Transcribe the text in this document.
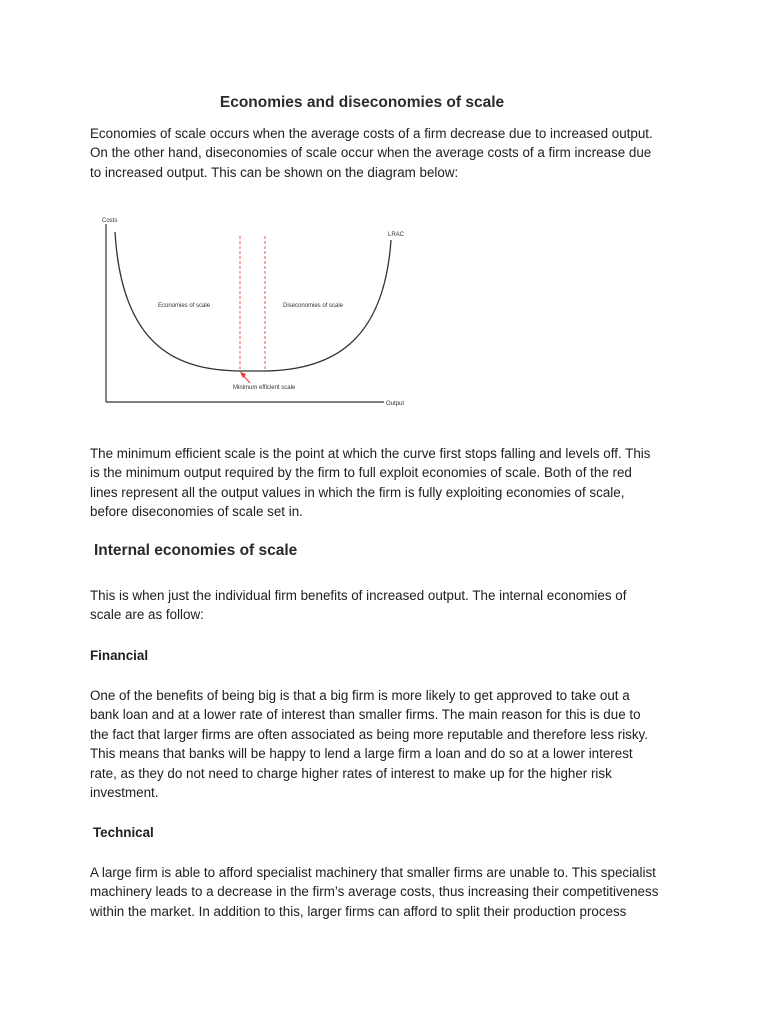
Economies and diseconomies of scale

Economies of scale occurs when the average costs of a firm decrease due to increased output.
On the other hand, diseconomies of scale occur when the average costs of a firm increase due
to increased output. This can be shown on the diagram below:

Costs
Output
LRAC
Economies of scale	Diseconomies of scale
Minimum efficient scale

The minimum efficient scale is the point at which the curve first stops falling and levels off. This
is the minimum output required by the firm to full exploit economies of scale. Both of the red
lines represent all the output values in which the firm is fully exploiting economies of scale,
before diseconomies of scale set in.

Internal economies of scale

This is when just the individual firm benefits of increased output. The internal economies of
scale are as follow:

Financial

One of the benefits of being big is that a big firm is more likely to get approved to take out a
bank loan and at a lower rate of interest than smaller firms. The main reason for this is due to
the fact that larger firms are often associated as being more reputable and therefore less risky.
This means that banks will be happy to lend a large firm a loan and do so at a lower interest
rate, as they do not need to charge higher rates of interest to make up for the higher risk
investment.

Technical

A large firm is able to afford specialist machinery that smaller firms are unable to. This specialist
machinery leads to a decrease in the firm’s average costs, thus increasing their competitiveness
within the market. In addition to this, larger firms can afford to split their production process
